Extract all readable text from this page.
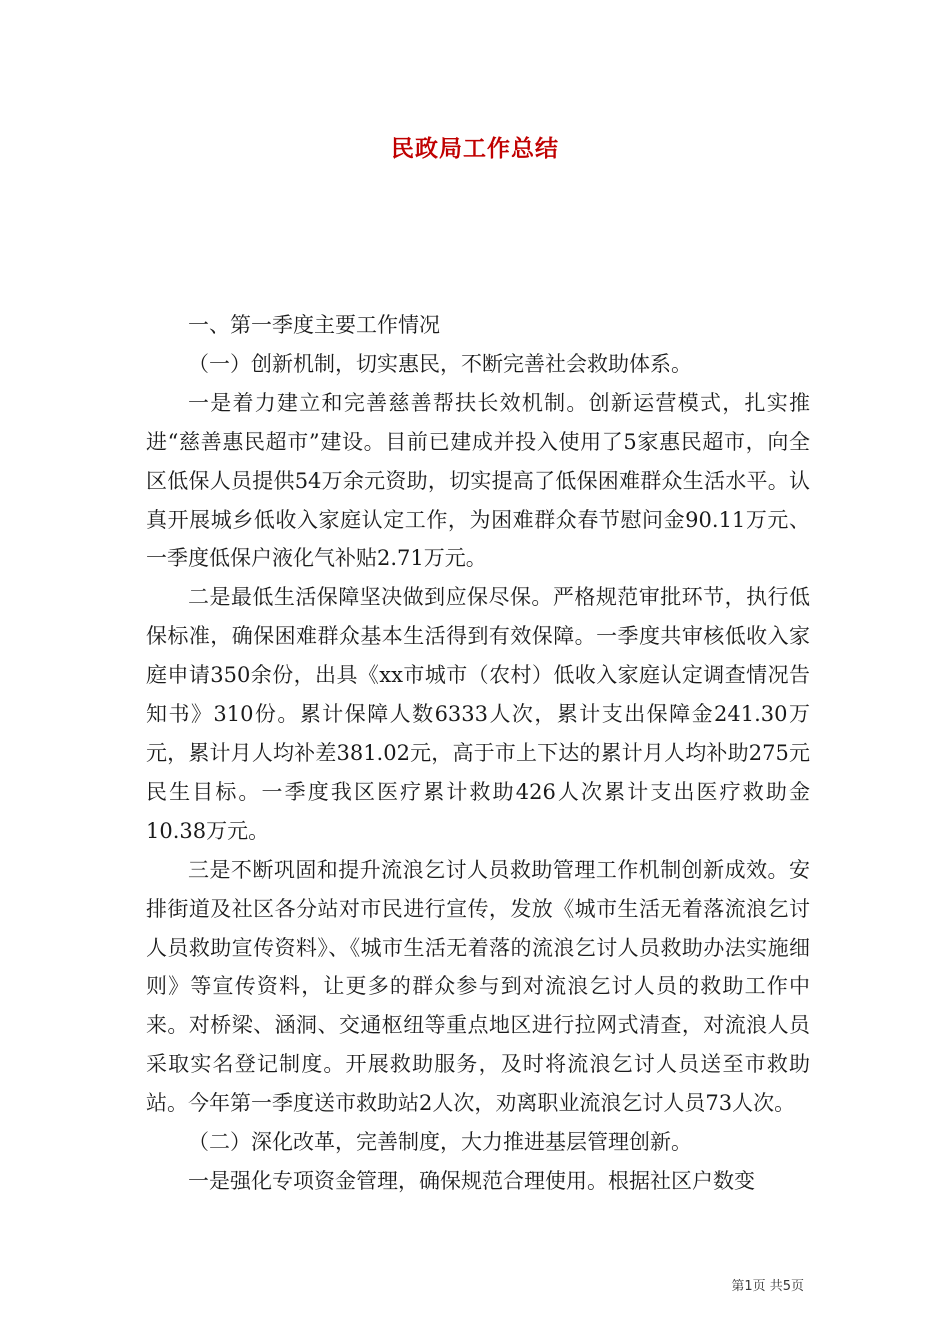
民政局工作总结

一、第一季度主要工作情况

（一）创新机制，切实惠民，不断完善社会救助体系。

一是着力建立和完善慈善帮扶长效机制。创新运营模式，扎实推进“慈善惠民超市”建设。目前已建成并投入使用了5家惠民超市，向全区低保人员提供54万余元资助，切实提高了低保困难群众生活水平。认真开展城乡低收入家庭认定工作，为困难群众春节慰问金90.11万元、一季度低保户液化气补贴2.71万元。

二是最低生活保障坚决做到应保尽保。严格规范审批环节，执行低保标准，确保困难群众基本生活得到有效保障。一季度共审核低收入家庭申请350余份，出具《xx市城市（农村）低收入家庭认定调查情况告知书》310份。累计保障人数6333人次，累计支出保障金241.30万元，累计月人均补差381.02元，高于市上下达的累计月人均补助275元民生目标。一季度我区医疗累计救助426人次累计支出医疗救助金10.38万元。

三是不断巩固和提升流浪乞讨人员救助管理工作机制创新成效。安排街道及社区各分站对市民进行宣传，发放《城市生活无着落流浪乞讨人员救助宣传资料》、《城市生活无着落的流浪乞讨人员救助办法实施细则》等宣传资料，让更多的群众参与到对流浪乞讨人员的救助工作中来。对桥梁、涵洞、交通枢纽等重点地区进行拉网式清查，对流浪人员采取实名登记制度。开展救助服务，及时将流浪乞讨人员送至市救助站。今年第一季度送市救助站2人次，劝离职业流浪乞讨人员73人次。

（二）深化改革，完善制度，大力推进基层管理创新。

一是强化专项资金管理，确保规范合理使用。根据社区户数变

第1页 共5页
